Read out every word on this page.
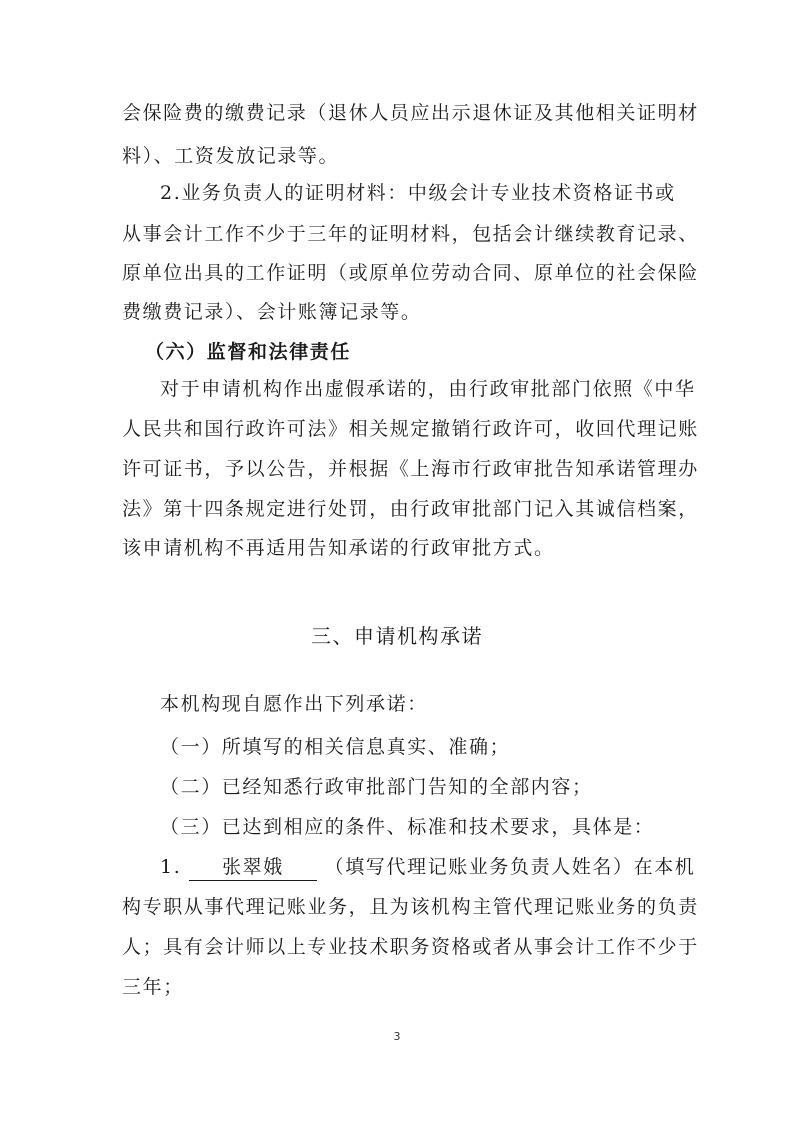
会保险费的缴费记录（退休人员应出示退休证及其他相关证明材
料）、工资发放记录等。
2.业务负责人的证明材料：中级会计专业技术资格证书或
从事会计工作不少于三年的证明材料，包括会计继续教育记录、
原单位出具的工作证明（或原单位劳动合同、原单位的社会保险
费缴费记录）、会计账簿记录等。
（六）监督和法律责任
对于申请机构作出虚假承诺的，由行政审批部门依照《中华
人民共和国行政许可法》相关规定撤销行政许可，收回代理记账
许可证书，予以公告，并根据《上海市行政审批告知承诺管理办
法》第十四条规定进行处罚，由行政审批部门记入其诚信档案，
该申请机构不再适用告知承诺的行政审批方式。
三、申请机构承诺
本机构现自愿作出下列承诺：
（一）所填写的相关信息真实、准确；
（二）已经知悉行政审批部门告知的全部内容；
（三）已达到相应的条件、标准和技术要求，具体是：
1. 张翠娥 （填写代理记账业务负责人姓名）在本机
构专职从事代理记账业务，且为该机构主管代理记账业务的负责
人；具有会计师以上专业技术职务资格或者从事会计工作不少于
三年；
3
